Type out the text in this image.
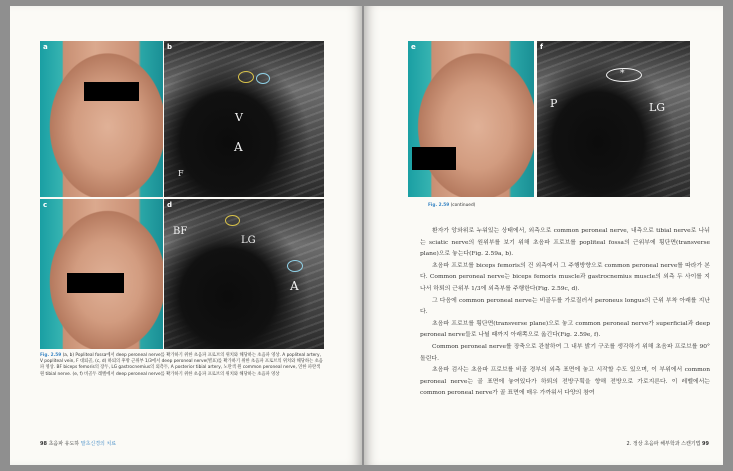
a	b
V
A
F
c	d
BF
LG
A
Fig. 2.59 (a, b) Popliteal fossa에서 deep peroneal nerve를 확가하기 위한 초음파 프로브의 위치와 해당하는 초음파 영상. A popliteal artery, V popliteal vein, F 대퇴골, (c, d) 하퇴의 후방 근위부 1/3에서 deep peroneal nerve(별표)를 확가하기 위한 초음파 프로브의 위치와 해당하는 초음파 영상. BF biceps femoris의 장두, LG gastrocnemius의 외측두, A posterior tibial artery, 노란색 원 common peroneal nerve, 연한 파란색 원 tibial nerve. (e, f) 비골두 레벨에서 deep peroneal nerve를 확가하기 위한 초음파 프로브의 위치와 해당하는 초음파 영상
98 초음파 유도하 말초신경의 치료
e	f
*
P	LG
Fig. 2.59 (continued)

환자가 앙와위로 누워있는 상태에서, 외측으로 common peroneal nerve, 내측으로 tibial nerve로 나뉘는 sciatic nerve의 원위부를 보기 위해 초음파 프로브를 popliteal fossa의 근위부에 횡단면(transverse plane)으로 놓는다(Fig. 2.59a, b).

초음파 프로브를 biceps femoris의 건 외측에서 그 주행방향으로 common peroneal nerve를 따라가 본다. Common peroneal nerve는 biceps femoris muscle과 gastrocnemius muscle의 외측 두 사이를 지나서 하퇴의 근위부 1/3에 외측부를 주행한다(Fig. 2.59c, d).

그 다음에 common peroneal nerve는 비골두를 가로질러서 peroneus longus의 근위 부착 아래를 지난다.

초음파 프로브를 횡단면(transverse plane)으로 놓고 common peroneal nerve가 superficial과 deep peroneal nerve들로 나뉠 때까지 아래쪽으로 옮긴다(Fig. 2.59e, f).

Common peroneal nerve를 장축으로 관찰하여 그 내부 밝기 구조를 생각하기 위해 초음파 프로브를 90° 돌린다.

초음파 검사는 초음파 프로브를 비골 경부의 외측 표면에 놓고 시작할 수도 있으며, 이 부위에서 common peroneal nerve는 골 표면에 놓여있다가 하퇴의 전방구획을 향해 전방으로 가로지른다. 이 레벨에서는 common peroneal nerve가 골 표면에 매우 가까워서 다양의 참여

2. 정상 초음파 해부학과 스캔기법 99
